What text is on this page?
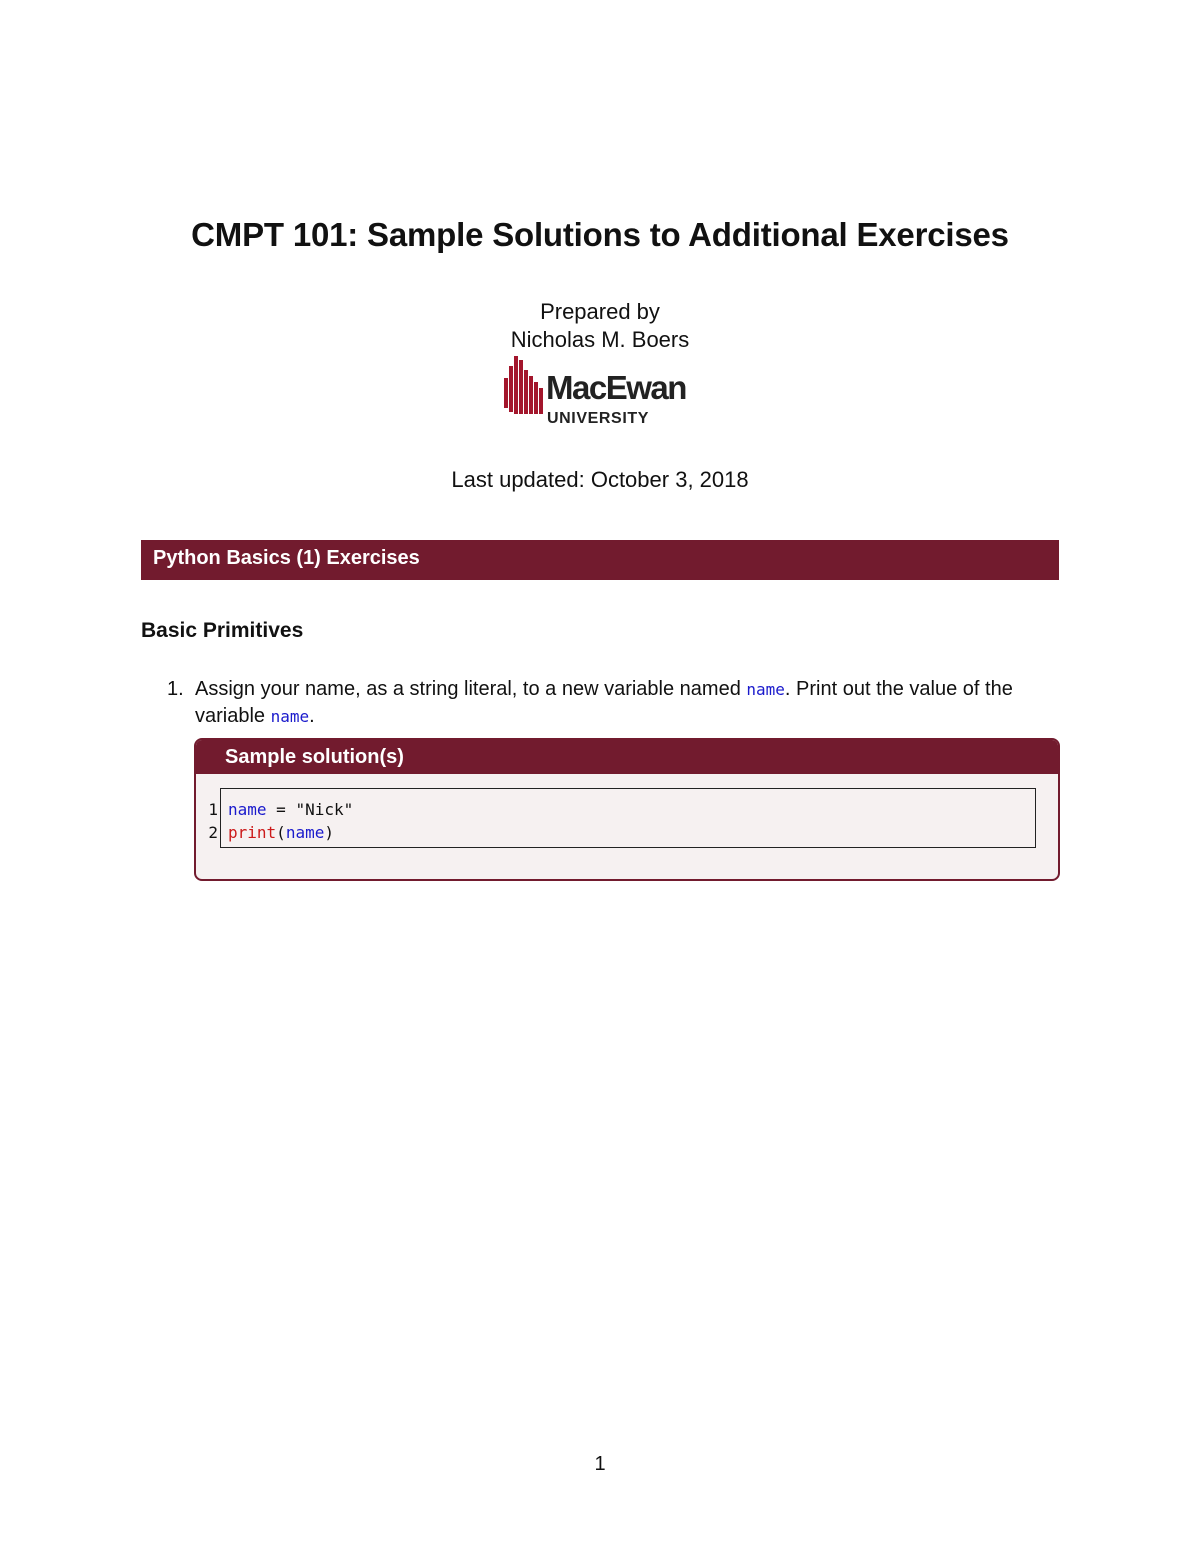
CMPT 101: Sample Solutions to Additional Exercises
Prepared by
Nicholas M. Boers
MacEwan
UNIVERSITY
Last updated: October 3, 2018
Python Basics (1) Exercises
Basic Primitives
1. Assign your name, as a string literal, to a new variable named name. Print out the value of the variable name.
Sample solution(s)
1
2
name = "Nick"
print(name)
1
